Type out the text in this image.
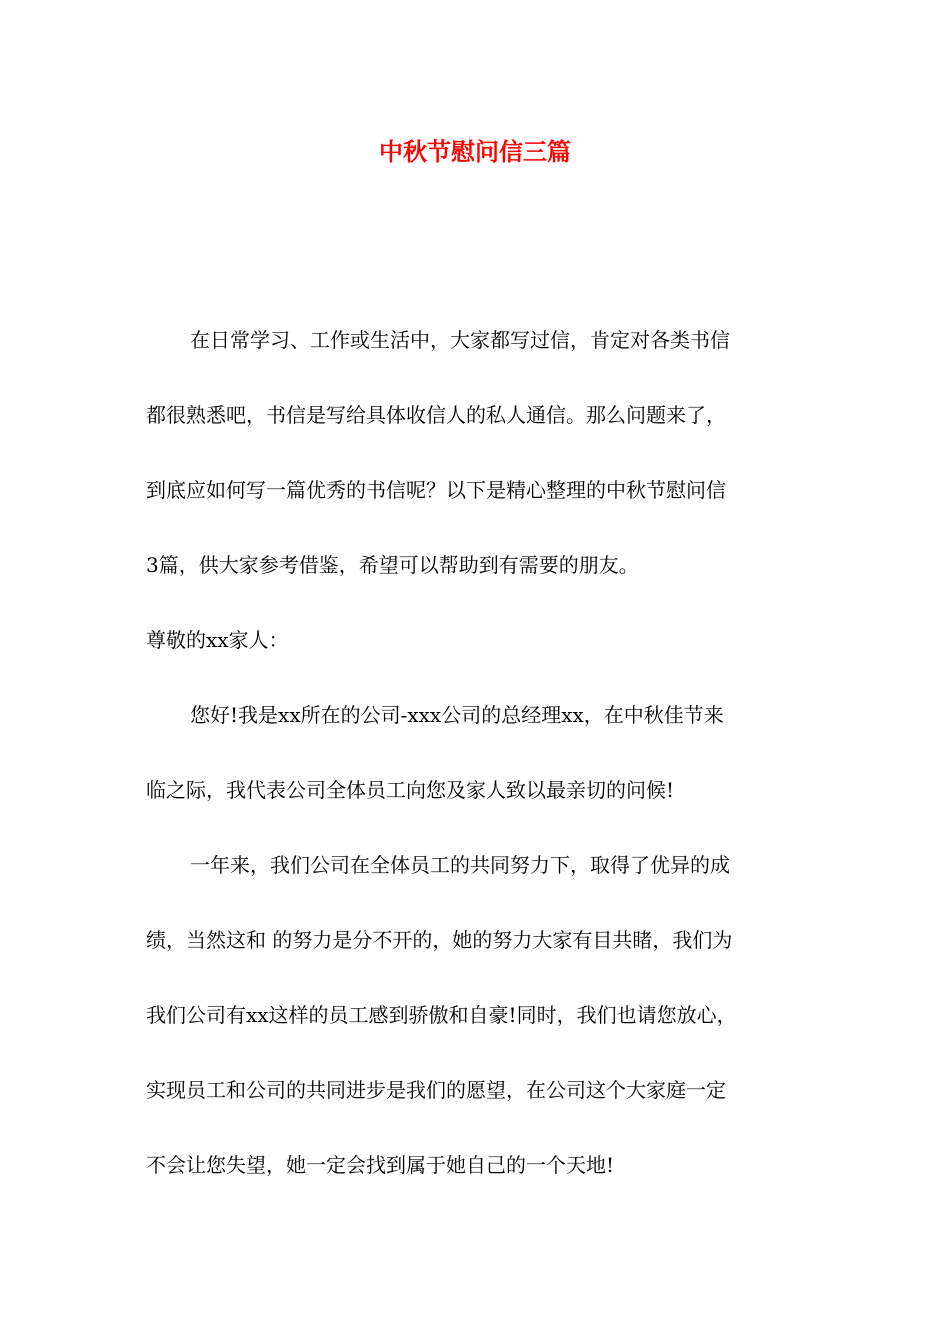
中秋节慰问信三篇

在日常学习、工作或生活中，大家都写过信，肯定对各类书信

都很熟悉吧，书信是写给具体收信人的私人通信。那么问题来了，

到底应如何写一篇优秀的书信呢？以下是精心整理的中秋节慰问信

3篇，供大家参考借鉴，希望可以帮助到有需要的朋友。

尊敬的xx家人：

您好!我是xx所在的公司-xxx公司的总经理xx，在中秋佳节来

临之际，我代表公司全体员工向您及家人致以最亲切的问候!

一年来，我们公司在全体员工的共同努力下，取得了优异的成

绩，当然这和 的努力是分不开的，她的努力大家有目共睹，我们为

我们公司有xx这样的员工感到骄傲和自豪!同时，我们也请您放心，

实现员工和公司的共同进步是我们的愿望，在公司这个大家庭一定

不会让您失望，她一定会找到属于她自己的一个天地!
